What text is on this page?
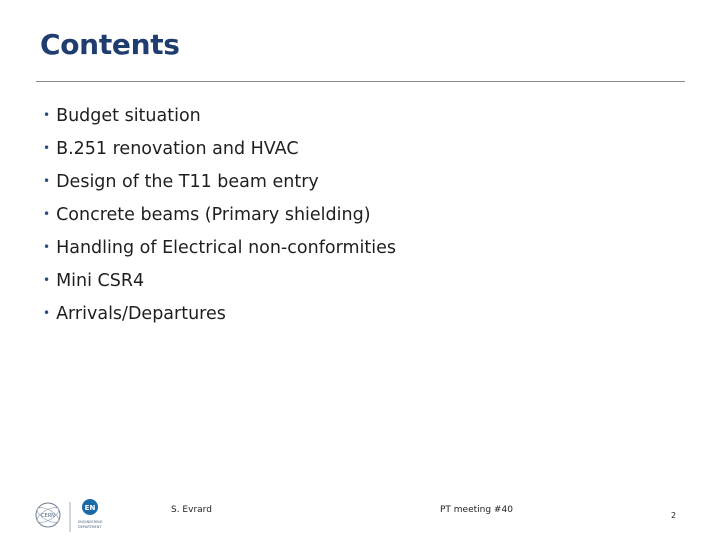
Contents
• Budget situation
• B.251 renovation and HVAC
• Design of the T11 beam entry
• Concrete beams (Primary shielding)
• Handling of Electrical non-conformities
• Mini CSR4
• Arrivals/Departures
CERN
EN
ENGINEERING
DEPARTMENT
S. Evrard	PT meeting #40
2
